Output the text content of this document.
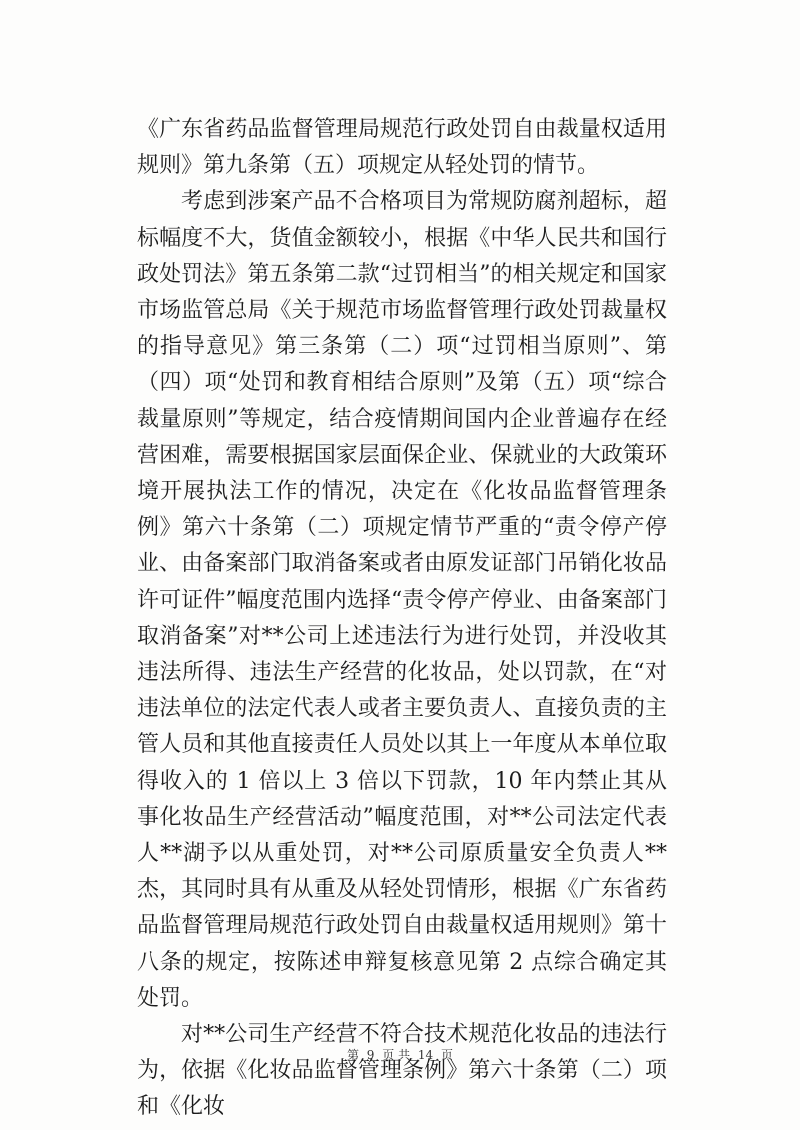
《广东省药品监督管理局规范行政处罚自由裁量权适用规则》第九条第（五）项规定从轻处罚的情节。

考虑到涉案产品不合格项目为常规防腐剂超标，超标幅度不大，货值金额较小，根据《中华人民共和国行政处罚法》第五条第二款“过罚相当”的相关规定和国家市场监管总局《关于规范市场监督管理行政处罚裁量权的指导意见》第三条第（二）项“过罚相当原则”、第（四）项“处罚和教育相结合原则”及第（五）项“综合裁量原则”等规定，结合疫情期间国内企业普遍存在经营困难，需要根据国家层面保企业、保就业的大政策环境开展执法工作的情况，决定在《化妆品监督管理条例》第六十条第（二）项规定情节严重的“责令停产停业、由备案部门取消备案或者由原发证部门吊销化妆品许可证件”幅度范围内选择“责令停产停业、由备案部门取消备案”对**公司上述违法行为进行处罚，并没收其违法所得、违法生产经营的化妆品，处以罚款，在“对违法单位的法定代表人或者主要负责人、直接负责的主管人员和其他直接责任人员处以其上一年度从本单位取得收入的 1 倍以上 3 倍以下罚款，10 年内禁止其从事化妆品生产经营活动”幅度范围，对**公司法定代表人**湖予以从重处罚，对**公司原质量安全负责人**杰，其同时具有从重及从轻处罚情形，根据《广东省药品监督管理局规范行政处罚自由裁量权适用规则》第十八条的规定，按陈述申辩复核意见第 2 点综合确定其处罚。

对**公司生产经营不符合技术规范化妆品的违法行为，依据《化妆品监督管理条例》第六十条第（二）项和《化妆

第 9 页 共 14 页
